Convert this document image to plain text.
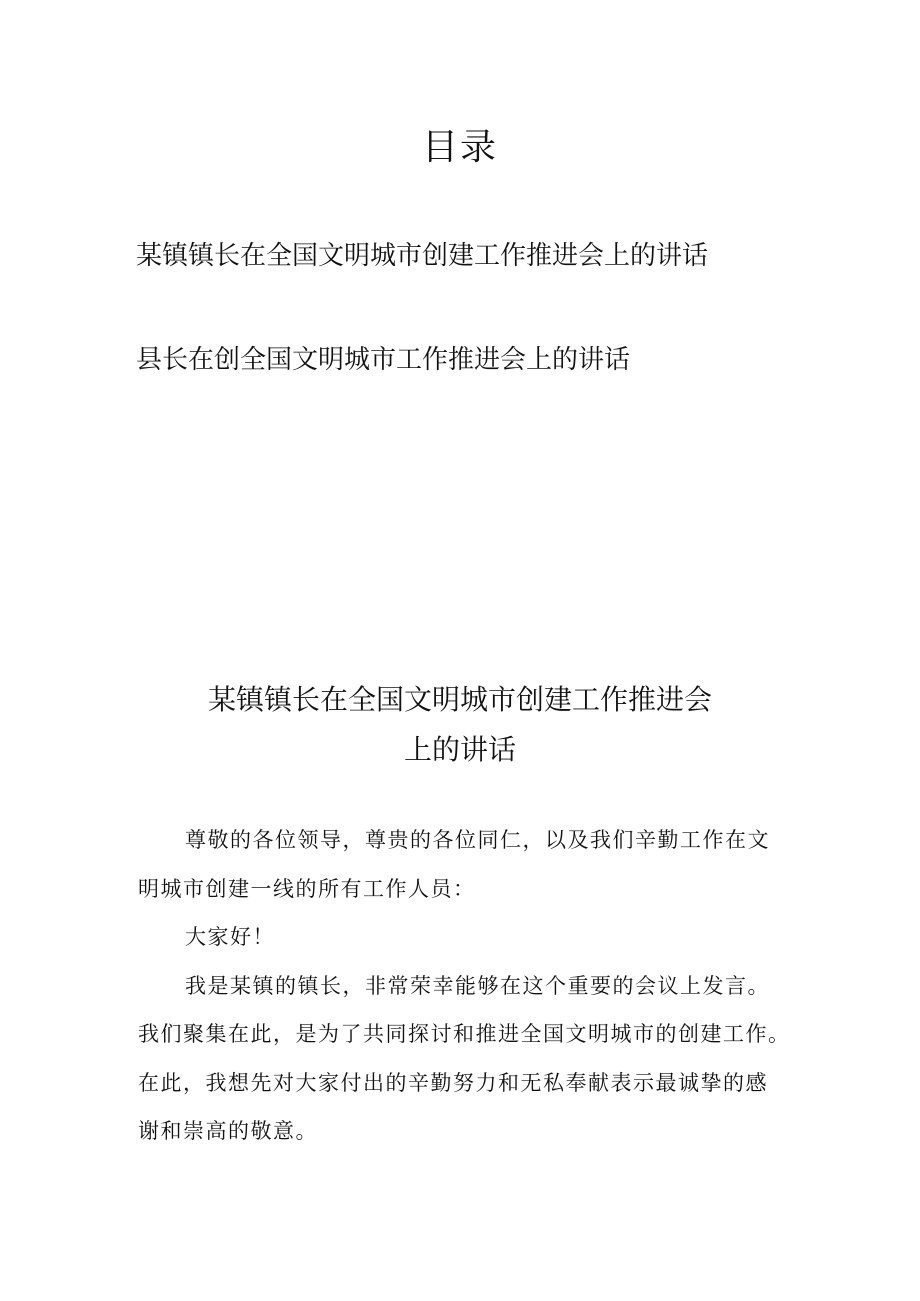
目录
某镇镇长在全国文明城市创建工作推进会上的讲话
县长在创全国文明城市工作推进会上的讲话
某镇镇长在全国文明城市创建工作推进会
上的讲话

尊敬的各位领导，尊贵的各位同仁，以及我们辛勤工作在文
明城市创建一线的所有工作人员：

大家好！

我是某镇的镇长，非常荣幸能够在这个重要的会议上发言。
我们聚集在此，是为了共同探讨和推进全国文明城市的创建工作。
在此，我想先对大家付出的辛勤努力和无私奉献表示最诚挚的感
谢和崇高的敬意。
